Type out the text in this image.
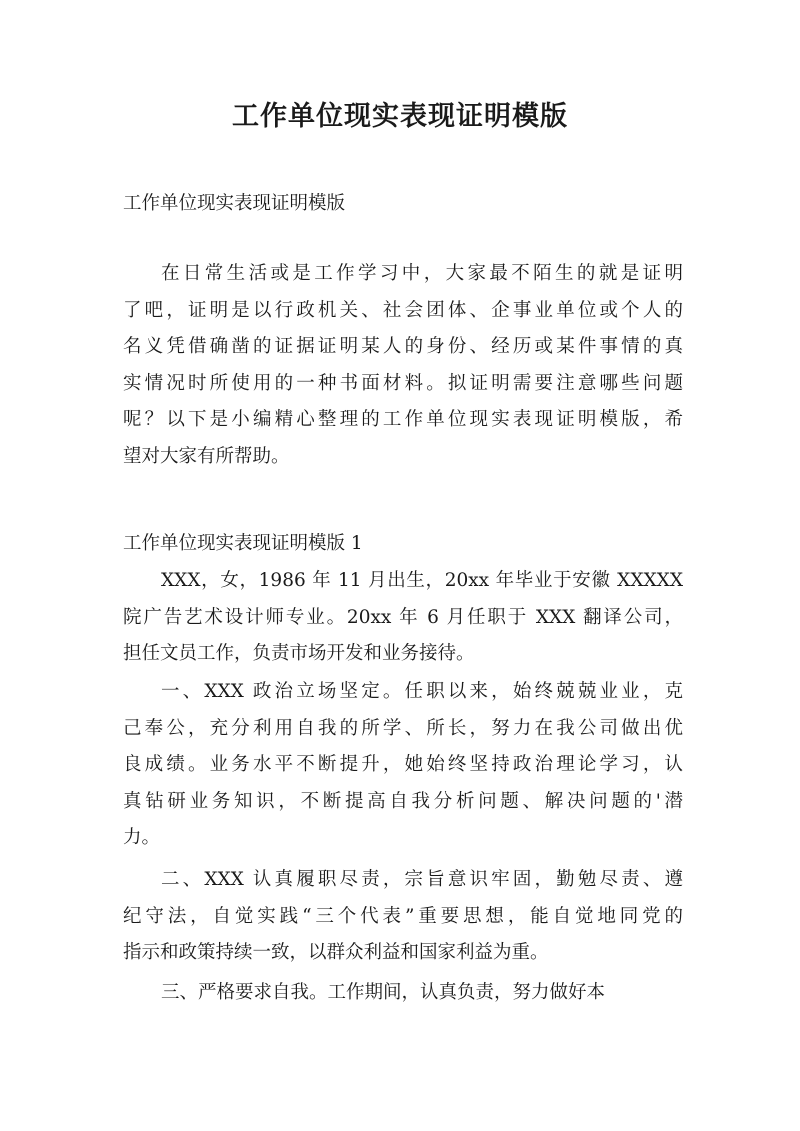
工作单位现实表现证明模版
工作单位现实表现证明模版
在日常生活或是工作学习中，大家最不陌生的就是证明
了吧，证明是以行政机关、社会团体、企事业单位或个人的
名义凭借确凿的证据证明某人的身份、经历或某件事情的真
实情况时所使用的一种书面材料。拟证明需要注意哪些问题
呢？以下是小编精心整理的工作单位现实表现证明模版，希
望对大家有所帮助。
工作单位现实表现证明模版 1
XXX，女，1986 年 11 月出生，20xx 年毕业于安徽 XXXXX
院广告艺术设计师专业。20xx 年 6 月任职于 XXX 翻译公司，
担任文员工作，负责市场开发和业务接待。
一、XXX 政治立场坚定。任职以来，始终兢兢业业，克
己奉公，充分利用自我的所学、所长，努力在我公司做出优
良成绩。业务水平不断提升，她始终坚持政治理论学习，认
真钻研业务知识，不断提高自我分析问题、解决问题的'潜
力。
二、XXX 认真履职尽责，宗旨意识牢固，勤勉尽责、遵
纪守法，自觉实践“三个代表”重要思想，能自觉地同党的
指示和政策持续一致，以群众利益和国家利益为重。
三、严格要求自我。工作期间，认真负责，努力做好本
